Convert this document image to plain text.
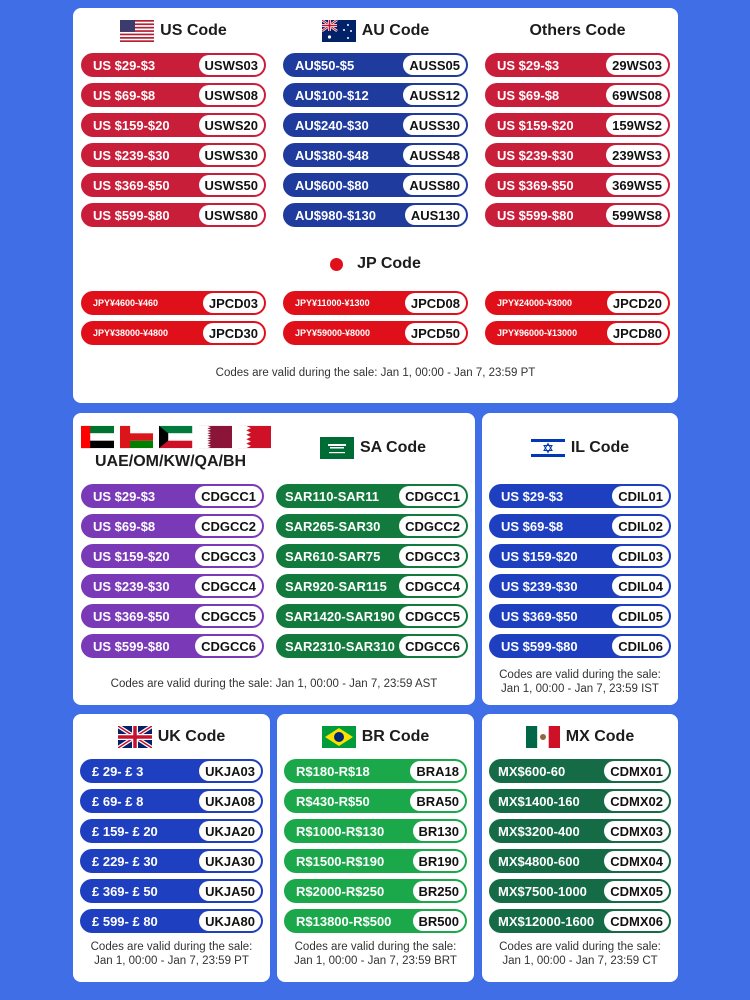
US Code	AU Code	Others Code
US $29-$3	USWS03
US $69-$8	USWS08
US $159-$20	USWS20
US $239-$30	USWS30
US $369-$50	USWS50
US $599-$80	USWS80
AU$50-$5	AUSS05
AU$100-$12	AUSS12
AU$240-$30	AUSS30
AU$380-$48	AUSS48
AU$600-$80	AUSS80
AU$980-$130	AUS130
US $29-$3	29WS03
US $69-$8	69WS08
US $159-$20	159WS2
US $239-$30	239WS3
US $369-$50	369WS5
US $599-$80	599WS8
JP Code
JPY¥4600-¥460	JPCD03	JPY¥11000-¥1300	JPCD08	JPY¥24000-¥3000	JPCD20
JPY¥38000-¥4800	JPCD30	JPY¥59000-¥8000	JPCD50	JPY¥96000-¥13000	JPCD80
Codes are valid during the sale: Jan 1, 00:00 - Jan 7, 23:59 PT
UAE/OM/KW/QA/BH
SA Code
US $29-$3	CDGCC1
US $69-$8	CDGCC2
US $159-$20	CDGCC3
US $239-$30	CDGCC4
US $369-$50	CDGCC5
US $599-$80	CDGCC6
SAR110-SAR11	CDGCC1
SAR265-SAR30	CDGCC2
SAR610-SAR75	CDGCC3
SAR920-SAR115	CDGCC4
SAR1420-SAR190 CDGCC5
SAR2310-SAR310 CDGCC6
Codes are valid during the sale: Jan 1, 00:00 - Jan 7, 23:59 AST
IL Code
US $29-$3	CDIL01
US $69-$8	CDIL02
US $159-$20	CDIL03
US $239-$30	CDIL04
US $369-$50	CDIL05
US $599-$80	CDIL06
Codes are valid during the sale:
Jan 1, 00:00 - Jan 7, 23:59 IST
UK Code
£ 29- £ 3	UKJA03
£ 69- £ 8	UKJA08
£ 159- £ 20	UKJA20
£ 229- £ 30	UKJA30
£ 369- £ 50	UKJA50
£ 599- £ 80	UKJA80
Codes are valid during the sale:
Jan 1, 00:00 - Jan 7, 23:59 PT
BR Code
R$180-R$18	BRA18
R$430-R$50	BRA50
R$1000-R$130	BR130
R$1500-R$190	BR190
R$2000-R$250	BR250
R$13800-R$500	BR500
Codes are valid during the sale:
Jan 1, 00:00 - Jan 7, 23:59 BRT
MX Code
MX$600-60	CDMX01
MX$1400-160	CDMX02
MX$3200-400	CDMX03
MX$4800-600	CDMX04
MX$7500-1000	CDMX05
MX$12000-1600	CDMX06
Codes are valid during the sale:
Jan 1, 00:00 - Jan 7, 23:59 CT
